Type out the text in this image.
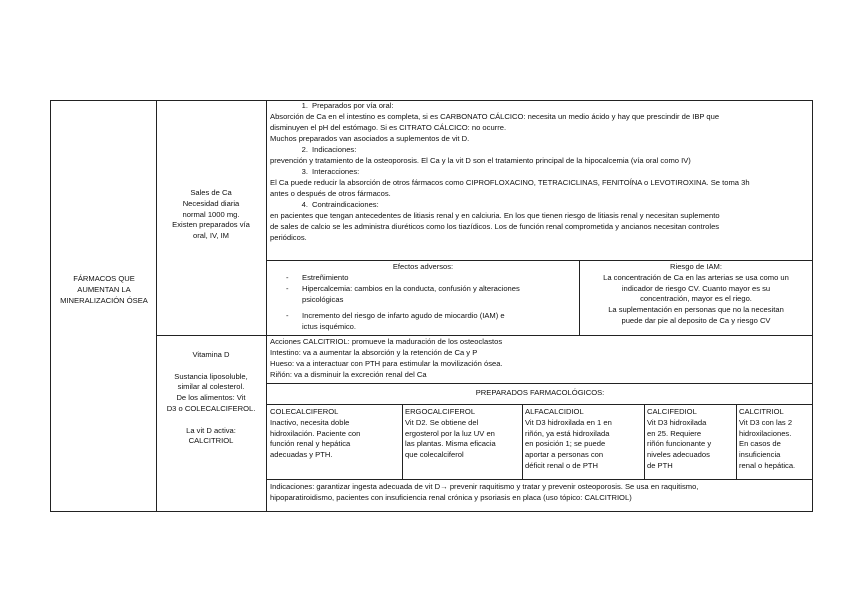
FÁRMACOS QUE AUMENTAN LA MINERALIZACIÓN ÓSEA
Sales de Ca
Necesidad diaria
normal 1000 mg.
Existen preparados vía
oral, IV, IM
1. Preparados por vía oral:
Absorción de Ca en el intestino es completa, si es CARBONATO CÁLCICO: necesita un medio ácido y hay que prescindir de IBP que
disminuyen el pH del estómago. Si es CITRATO CÁLCICO: no ocurre.
Muchos preparados van asociados a suplementos de vit D.
2. Indicaciones:
prevención y tratamiento de la osteoporosis. El Ca y la vit D son el tratamiento principal de la hipocalcemia (vía oral como IV)
3. Interacciones:
El Ca puede reducir la absorción de otros fármacos como CIPROFLOXACINO, TETRACICLINAS, FENITOÍNA o LEVOTIROXINA. Se toma 3h
antes o después de otros fármacos.
4. Contraindicaciones:
en pacientes que tengan antecedentes de litiasis renal y en calciuria. En los que tienen riesgo de litiasis renal y necesitan suplemento
de sales de calcio se les administra diuréticos como los tiazídicos. Los de función renal comprometida y ancianos necesitan controles
periódicos.
Efectos adversos:
- Estreñimiento
- Hipercalcemia: cambios en la conducta, confusión y alteraciones
psicológicas
- Incremento del riesgo de infarto agudo de miocardio (IAM) e
ictus isquémico.
Riesgo de IAM:
La concentración de Ca en las arterias se usa como un
indicador de riesgo CV. Cuanto mayor es su
concentración, mayor es el riego.
La suplementación en personas que no la necesitan
puede dar pie al deposito de Ca y riesgo CV
Vitamina D
Sustancia liposoluble,
similar al colesterol.
De los alimentos: Vit
D3 o COLECALCIFEROL.
La vit D activa:
CALCITRIOL
Acciones CALCITRIOL: promueve la maduración de los osteoclastos
Intestino: va a aumentar la absorción y la retención de Ca y P
Hueso: va a interactuar con PTH para estimular la movilización ósea.
Riñón: va a disminuir la excreción renal del Ca
PREPARADOS FARMACOLÓGICOS:
COLECALCIFEROL
Inactivo, necesita doble
hidroxilación. Paciente con
función renal y hepática
adecuadas y PTH.
ERGOCALCIFEROL
Vit D2. Se obtiene del
ergosterol por la luz UV en
las plantas. Misma eficacia
que colecalciferol
ALFACALCIDIOL
Vit D3 hidroxilada en 1 en
riñón, ya está hidroxilada
en posición 1; se puede
aportar a personas con
déficit renal o de PTH
CALCIFEDIOL
Vit D3 hidroxilada
en 25. Requiere
riñón funcionante y
niveles adecuados
de PTH
CALCITRIOL
Vit D3 con las 2
hidroxilaciones.
En casos de
insuficiencia
renal o hepática.
Indicaciones: garantizar ingesta adecuada de vit D→ prevenir raquitismo y tratar y prevenir osteoporosis. Se usa en raquitismo,
hipoparatiroidismo, pacientes con insuficiencia renal crónica y psoriasis en placa (uso tópico: CALCITRIOL)
